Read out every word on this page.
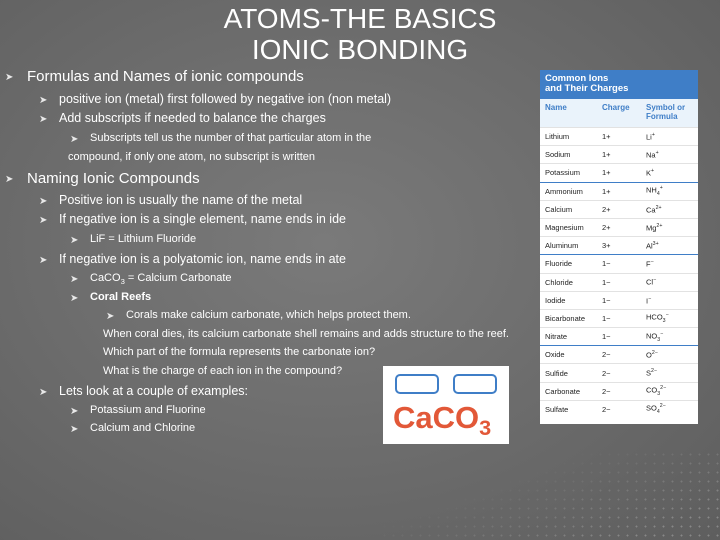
ATOMS-THE BASICS
IONIC BONDING
➤ Formulas and Names of ionic compounds
➤ positive ion (metal) first followed by negative ion (non metal)
➤ Add subscripts if needed to balance the charges
➤ Subscripts tell us the number of that particular atom in the
compound, if only one atom, no subscript is written
➤ Naming Ionic Compounds
➤ Positive ion is usually the name of the metal
➤ If negative ion is a single element, name ends in ide
➤ LiF = Lithium Fluoride
➤ If negative ion is a polyatomic ion, name ends in ate
➤ CaCO$_3$ = Calcium Carbonate
➤ Coral Reefs
➤ Corals make calcium carbonate, which helps protect them.
When coral dies, its calcium carbonate shell remains and adds structure to the reef.
Which part of the formula represents the carbonate ion?
What is the charge of each ion in the compound?
➤ Lets look at a couple of examples:
➤ Potassium and Fluorine
➤ Calcium and Chlorine
Common Ions
and Their Charges
Name	Charge	Symbol or
Formula
Lithium	1+	Li+
Sodium	1+	Na+
Potassium	1+	K+
Ammonium	1+	$NH_4^+$
Calcium	2+	$Ca^{2+}$
Magnesium	2+	$Mg^{2+}$
Aluminum	3+	$Al^{3+}$
Fluoride	1−	F−
Chloride	1−	Cl−
Iodide	1−	I−
Bicarbonate	1−	$HCO_3^-$
Nitrate	1−	$NO_3^-$
Oxide	2−	$O^{2-}$
Sulfide	2−	$S^{2-}$
Carbonate	2−	$CO_3^{2-}$
Sulfate	2−	$SO_4^{2-}$
CaCO$_3$
